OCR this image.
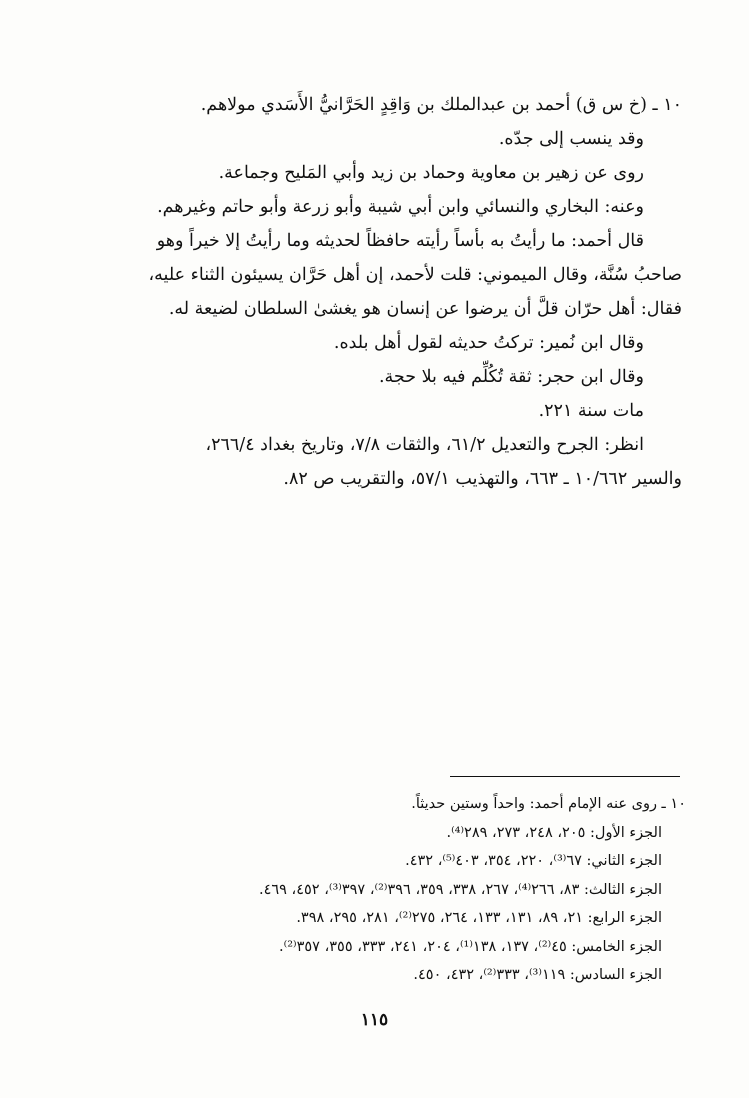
١٠ ـ (خ س ق) أحمد بن عبدالملك بن وَاقِدٍ الحَرَّانيُّ الأَسَدي مولاهم.

وقد ينسب إلى جدّه.

روى عن زهير بن معاوية وحماد بن زيد وأبي المَليح وجماعة.

وعنه: البخاري والنسائي وابن أبي شيبة وأبو زرعة وأبو حاتم وغيرهم.

قال أحمد: ما رأيتُ به بأساً رأيته حافظاً لحديثه وما رأيتُ إلا خيراً وهو

صاحبُ سُنَّة، وقال الميموني: قلت لأحمد، إن أهل حَرَّان يسيئون الثناء عليه،

فقال: أهل حرّان قلَّ أن يرضوا عن إنسان هو يغشىٰ السلطان لضيعة له.

وقال ابن نُمير: تركتُ حديثه لقول أهل بلده.

وقال ابن حجر: ثقة تُكُلِّم فيه بلا حجة.

مات سنة ٢٢١.

انظر: الجرح والتعديل ٦١/٢، والثقات ٧/٨، وتاريخ بغداد ٢٦٦/٤،

والسير ١٠/٦٦٢ ـ ٦٦٣، والتهذيب ٥٧/١، والتقريب ص ٨٢.

١٠ ـ روى عنه الإمام أحمد: واحداً وستين حديثاً.

الجزء الأول: ٢٠٥، ٢٤٨، ٢٧٣، ٢٨٩⁽⁴⁾.

الجزء الثاني: ٦٧⁽³⁾، ٢٢٠، ٣٥٤، ٤٠٣⁽⁵⁾، ٤٣٢.

الجزء الثالث: ٨٣، ٢٦٦⁽⁴⁾، ٢٦٧، ٣٣٨، ٣٥٩، ٣٩٦⁽²⁾، ٣٩٧⁽³⁾، ٤٥٢، ٤٦٩.

الجزء الرابع: ٢١، ٨٩، ١٣١، ١٣٣، ٢٦٤، ٢٧٥⁽²⁾، ٢٨١، ٢٩٥، ٣٩٨.

الجزء الخامس: ٤٥⁽²⁾، ١٣٧، ١٣٨⁽¹⁾، ٢٠٤، ٢٤١، ٣٣٣، ٣٥٥، ٣٥٧⁽²⁾.

الجزء السادس: ١١٩⁽³⁾، ٣٣٣⁽²⁾، ٤٣٢، ٤٥٠.

١١٥
